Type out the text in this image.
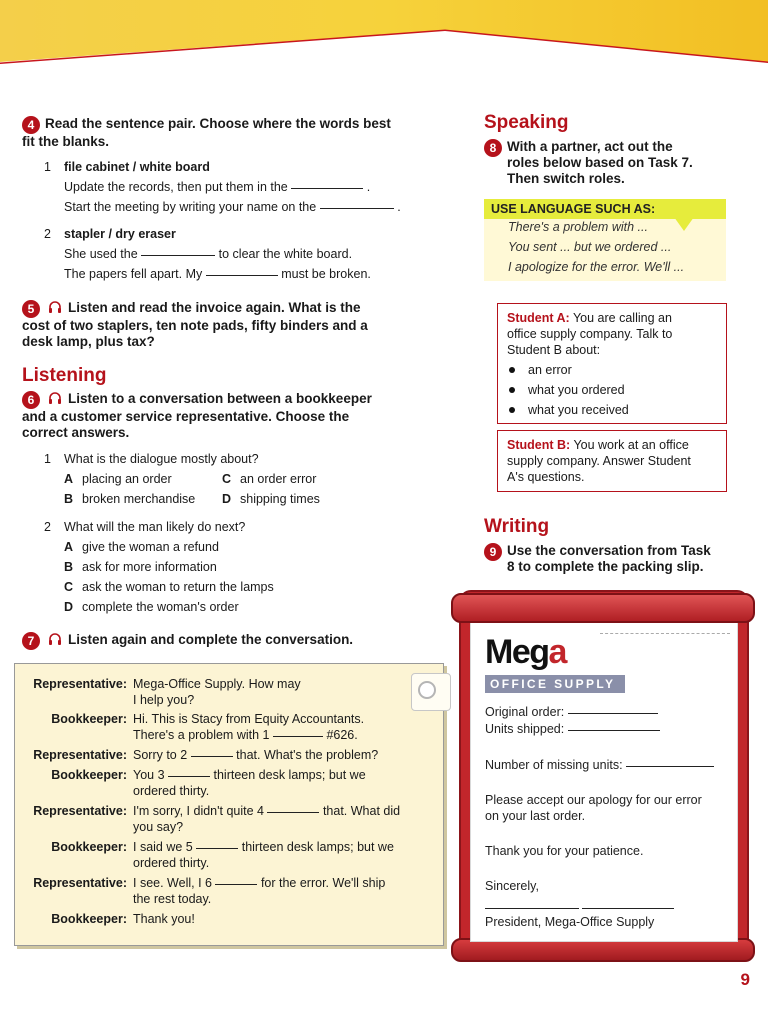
4 Read the sentence pair. Choose where the words best
fit the blanks.
1 file cabinet / white board
Update the records, then put them in the	.
Start the meeting by writing your name on the	.
2 stapler / dry eraser
She used the	to clear the white board.
The papers fell apart. My	must be broken.
5 Listen and read the invoice again. What is the
cost of two staplers, ten note pads, fifty binders and a
desk lamp, plus tax?
Listening
6 Listen to a conversation between a bookkeeper
and a customer service representative. Choose the
correct answers.
1 What is the dialogue mostly about?
A placing an order	C an order error
B broken merchandise D shipping times
2 What will the man likely do next?
A give the woman a refund
B ask for more information
C ask the woman to return the lamps
D complete the woman's order
7 Listen again and complete the conversation.
Representative: Mega-Office Supply. How may
I help you?
Bookkeeper: Hi. This is Stacy from Equity Accountants.
There's a problem with 1	#626.
Representative: Sorry to 2	that. What's the problem?
Bookkeeper: You 3	thirteen desk lamps; but we
ordered thirty.
Representative: I'm sorry, I didn't quite 4	that. What did
you say?
Bookkeeper: I said we 5	thirteen desk lamps; but we
ordered thirty.
Representative: I see. Well, I 6	for the error. We'll ship
the rest today.
Bookkeeper: Thank you!
Speaking
8 With a partner, act out the
roles below based on Task 7.
Then switch roles.
USE LANGUAGE SUCH AS:
There's a problem with ...
You sent ... but we ordered ...
I apologize for the error. We'll ...
Student A: You are calling an
office supply company. Talk to
Student B about:
an error
what you ordered
what you received
Student B: You work at an office
supply company. Answer Student
A's questions.
Writing
9 Use the conversation from Task
8 to complete the packing slip.
Mega
OFFICE SUPPLY
Original order:
Units shipped:
Number of missing units:
Please accept our apology for our error
on your last order.
Thank you for your patience.
Sincerely,

President, Mega-Office Supply
9
